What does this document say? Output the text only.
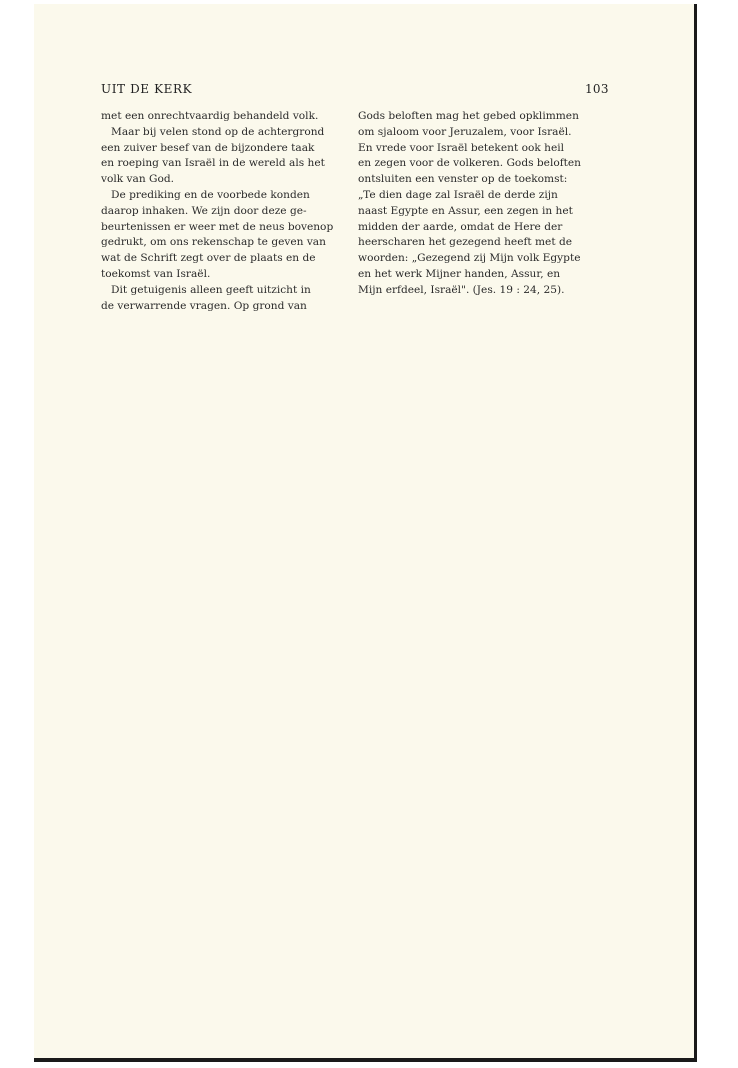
UIT DE KERK	103
met een onrechtvaardig behandeld volk.
Maar bij velen stond op de achtergrond
een zuiver besef van de bijzondere taak
en roeping van Israël in de wereld als het
volk van God.
De prediking en de voorbede konden
daarop inhaken. We zijn door deze ge-
beurtenissen er weer met de neus bovenop
gedrukt, om ons rekenschap te geven van
wat de Schrift zegt over de plaats en de
toekomst van Israël.
Dit getuigenis alleen geeft uitzicht in
de verwarrende vragen. Op grond van
Gods beloften mag het gebed opklimmen
om sjaloom voor Jeruzalem, voor Israël.
En vrede voor Israël betekent ook heil
en zegen voor de volkeren. Gods beloften
ontsluiten een venster op de toekomst:
„Te dien dage zal Israël de derde zijn
naast Egypte en Assur, een zegen in het
midden der aarde, omdat de Here der
heerscharen het gezegend heeft met de
woorden: „Gezegend zij Mijn volk Egypte
en het werk Mijner handen, Assur, en
Mijn erfdeel, Israël". (Jes. 19 : 24, 25).
